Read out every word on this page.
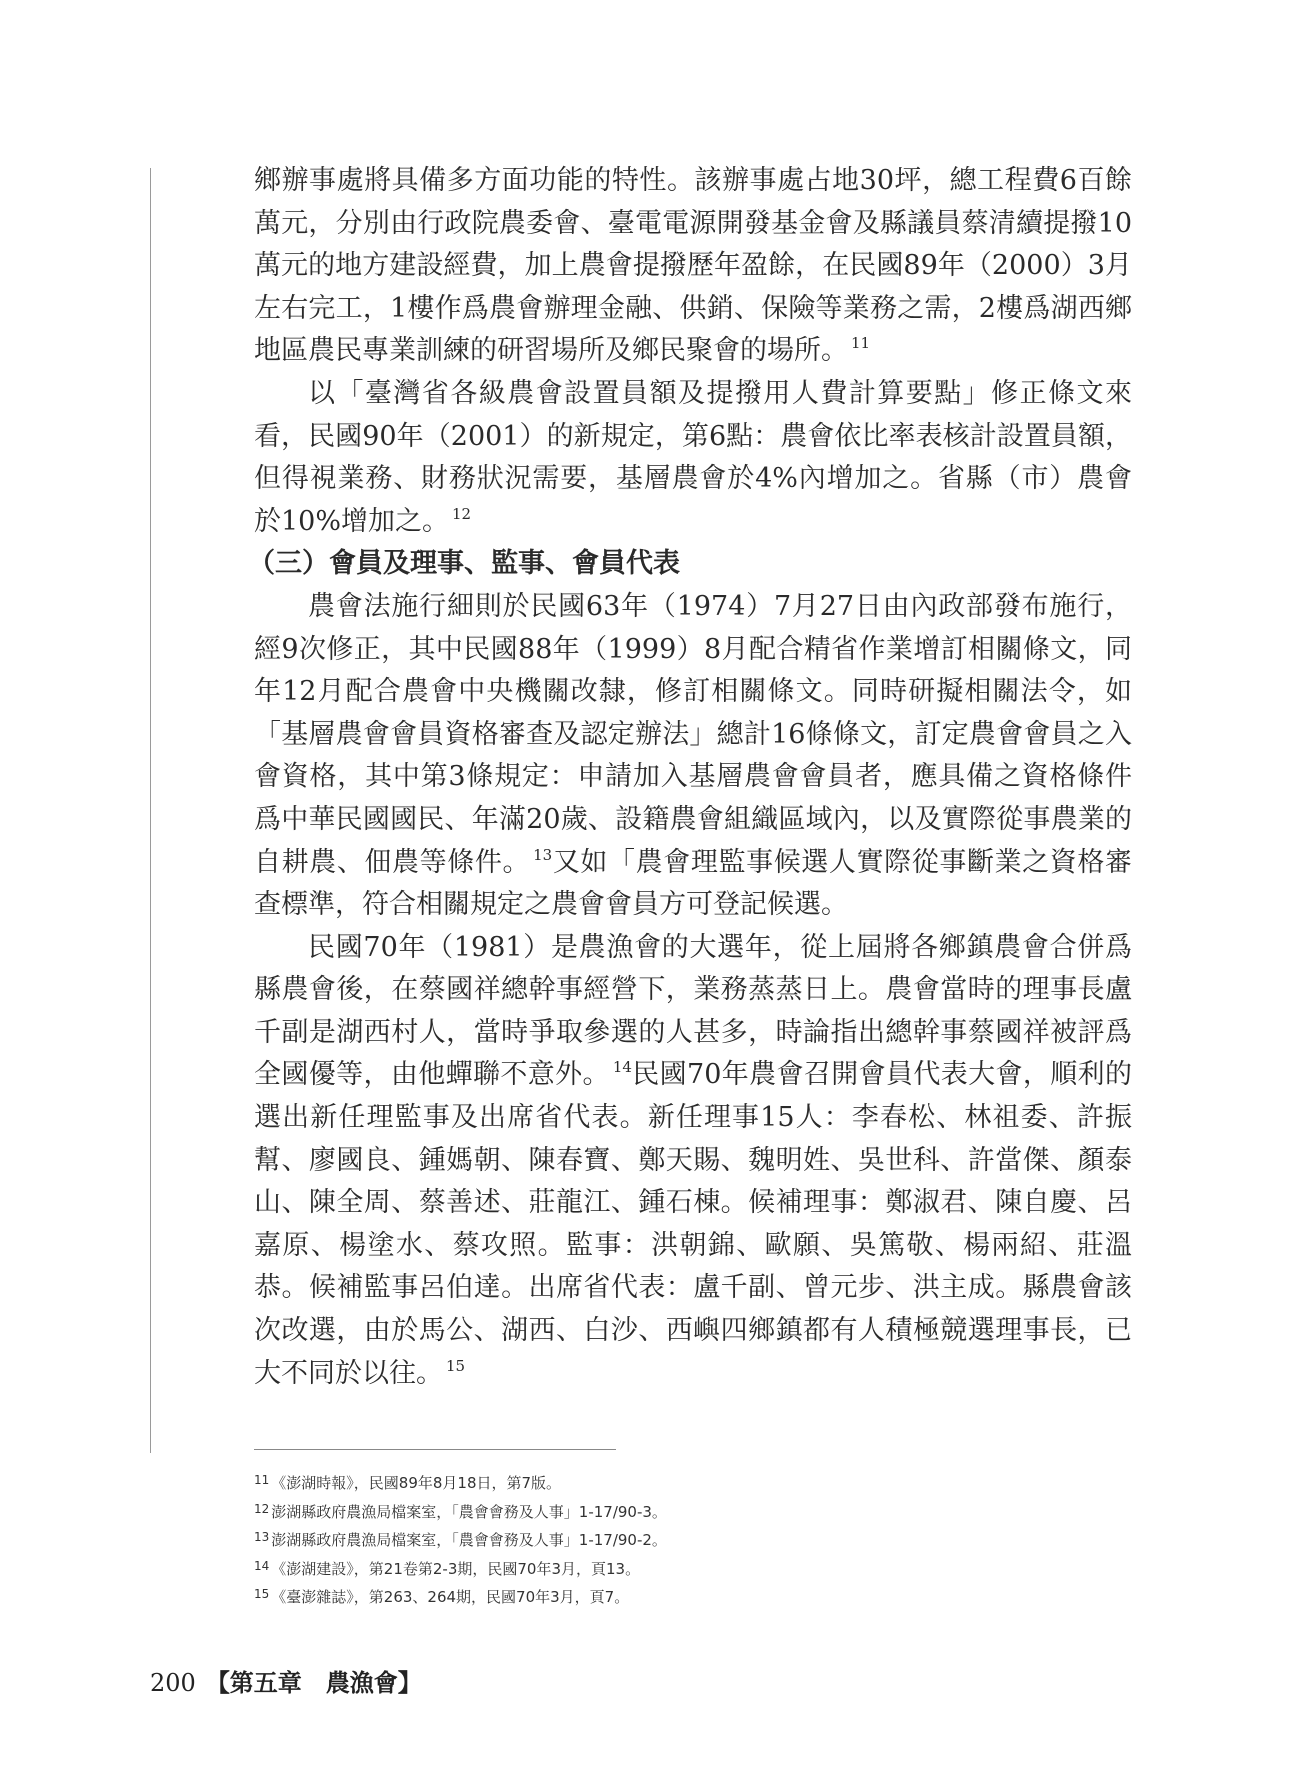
鄉辦事處將具備多方面功能的特性。該辦事處占地30坪，總工程費6百餘萬元，分別由行政院農委會、臺電電源開發基金會及縣議員蔡清續提撥10萬元的地方建設經費，加上農會提撥歷年盈餘，在民國89年（2000）3月左右完工，1樓作爲農會辦理金融、供銷、保險等業務之需，2樓爲湖西鄉地區農民專業訓練的研習場所及鄉民聚會的場所。 $^{11}$

以「臺灣省各級農會設置員額及提撥用人費計算要點」修正條文來看，民國90年（2001）的新規定，第6點：農會依比率表核計設置員額，但得視業務、財務狀況需要，基層農會於4%內增加之。省縣（市）農會於10%增加之。 $^{12}$

（三）會員及理事、監事、會員代表

農會法施行細則於民國63年（1974）7月27日由內政部發布施行，經9次修正，其中民國88年（1999）8月配合精省作業增訂相關條文，同年12月配合農會中央機關改隸，修訂相關條文。同時研擬相關法令，如「基層農會會員資格審查及認定辦法」總計16條條文，訂定農會會員之入會資格，其中第3條規定：申請加入基層農會會員者，應具備之資格條件爲中華民國國民、年滿20歲、設籍農會組織區域內，以及實際從事農業的自耕農、佃農等條件。 $^{13}$又如「農會理監事候選人實際從事斷業之資格審查標準，符合相關規定之農會會員方可登記候選。

民國70年（1981）是農漁會的大選年，從上屆將各鄉鎮農會合併爲縣農會後，在蔡國祥總幹事經營下，業務蒸蒸日上。農會當時的理事長盧千副是湖西村人，當時爭取參選的人甚多，時論指出總幹事蔡國祥被評爲全國優等，由他蟬聯不意外。 $^{14}$民國70年農會召開會員代表大會，順利的選出新任理監事及出席省代表。新任理事15人：李春松、林祖委、許振幫、廖國良、鍾媽朝、陳春寶、鄭天賜、魏明姓、吳世科、許當傑、顏泰山、陳全周、蔡善述、莊龍江、鍾石棟。候補理事：鄭淑君、陳自慶、呂嘉原、楊塗水、蔡攻照。監事：洪朝錦、歐願、吳篤敬、楊兩紹、莊溫恭。候補監事呂伯達。出席省代表：盧千副、曾元步、洪主成。縣農會該次改選，由於馬公、湖西、白沙、西嶼四鄉鎮都有人積極競選理事長，已大不同於以往。 $^{15}$

$^{11}$ 《澎湖時報》，民國89年8月18日，第7版。
$^{12}$ 澎湖縣政府農漁局檔案室，「農會會務及人事」1-17/90-3。
$^{13}$ 澎湖縣政府農漁局檔案室，「農會會務及人事」1-17/90-2。
$^{14}$ 《澎湖建設》，第21卷第2-3期，民國70年3月，頁13。
$^{15}$ 《臺澎雜誌》，第263、264期，民國70年3月，頁7。
200 【第五章　農漁會】
